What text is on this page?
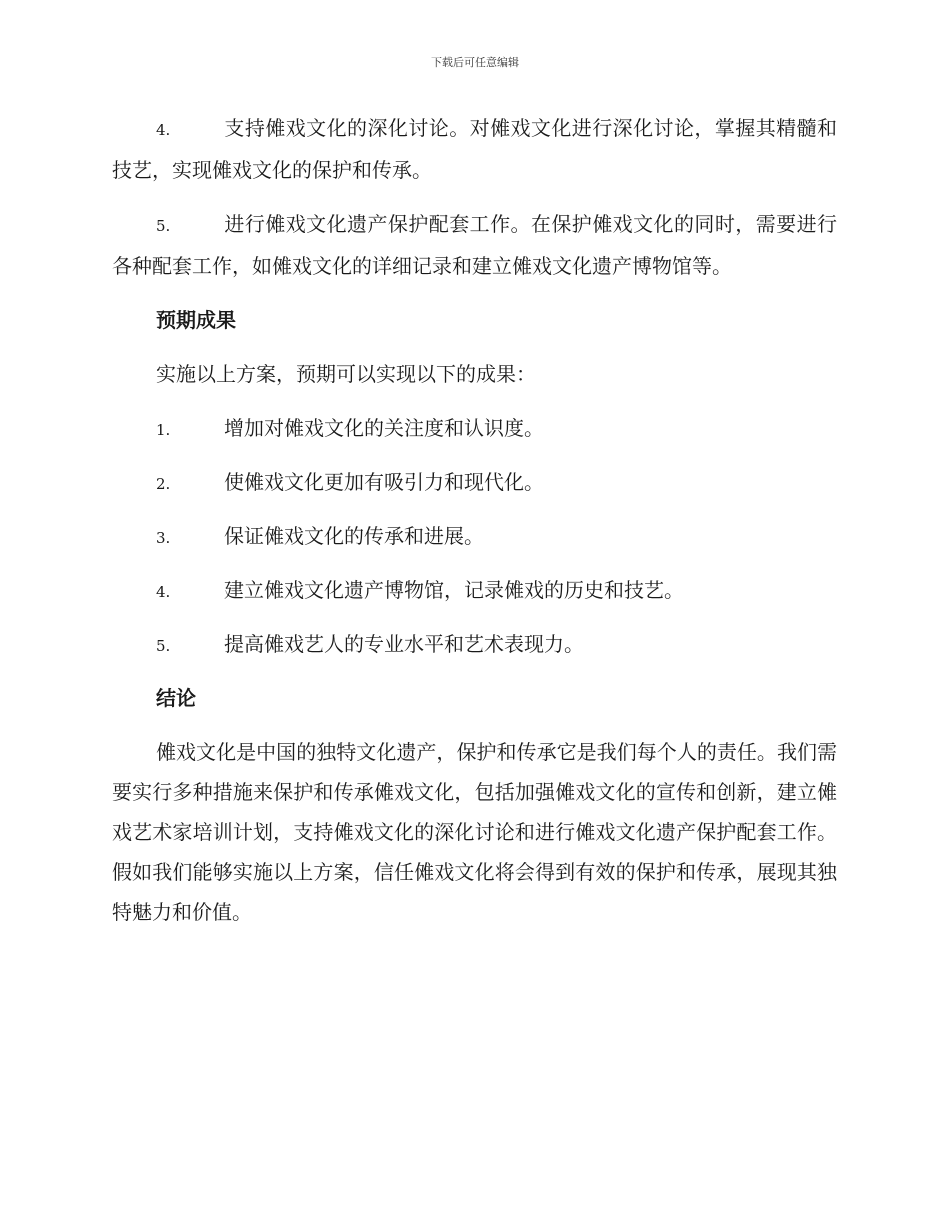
下载后可任意编辑

4.	支持傩戏文化的深化讨论。对傩戏文化进行深化讨论，掌握其精髓和技艺，实现傩戏文化的保护和传承。

5.	进行傩戏文化遗产保护配套工作。在保护傩戏文化的同时，需要进行各种配套工作，如傩戏文化的详细记录和建立傩戏文化遗产博物馆等。

预期成果

实施以上方案，预期可以实现以下的成果：

1.	增加对傩戏文化的关注度和认识度。
2.	使傩戏文化更加有吸引力和现代化。
3.	保证傩戏文化的传承和进展。
4.	建立傩戏文化遗产博物馆，记录傩戏的历史和技艺。
5.	提高傩戏艺人的专业水平和艺术表现力。
结论

傩戏文化是中国的独特文化遗产，保护和传承它是我们每个人的责任。我们需要实行多种措施来保护和传承傩戏文化，包括加强傩戏文化的宣传和创新，建立傩戏艺术家培训计划，支持傩戏文化的深化讨论和进行傩戏文化遗产保护配套工作。假如我们能够实施以上方案，信任傩戏文化将会得到有效的保护和传承，展现其独特魅力和价值。
